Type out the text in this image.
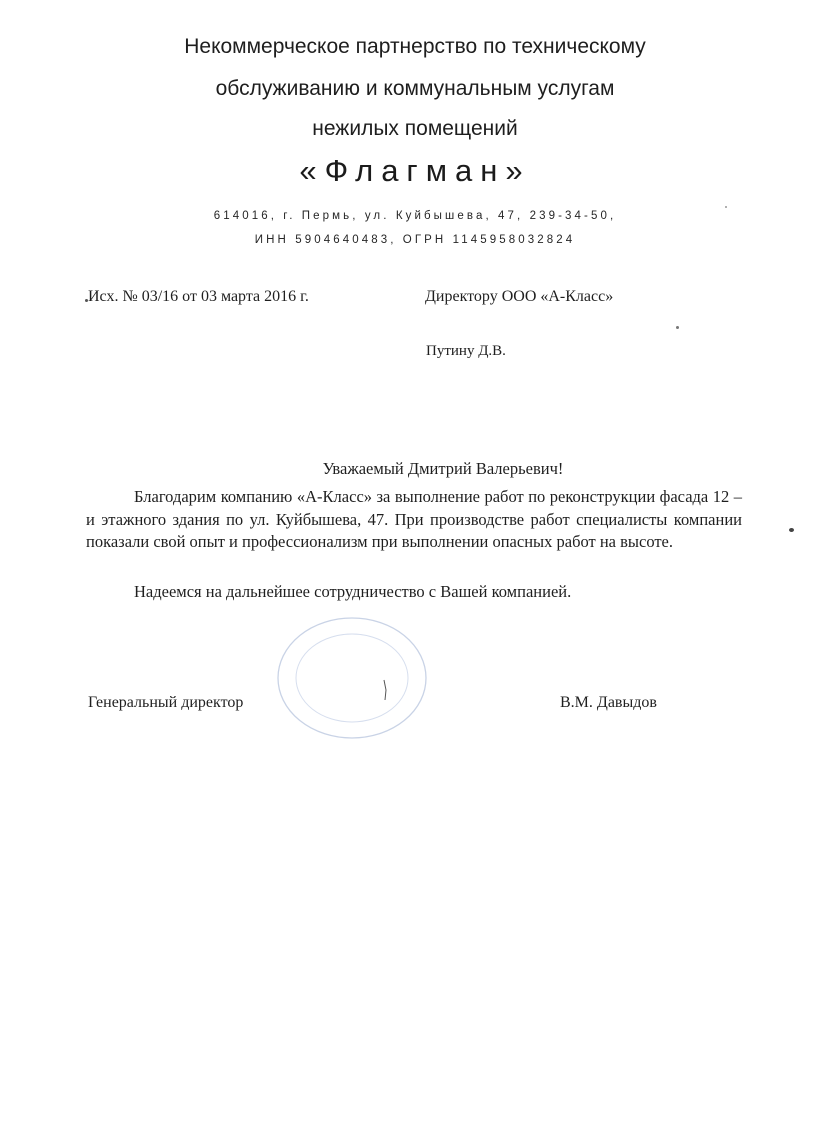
Некоммерческое партнерство по техническому
обслуживанию и коммунальным услугам
нежилых помещений
«Флагман»
614016, г. Пермь, ул. Куйбышева, 47, 239-34-50,
ИНН 5904640483, ОГРН 1145958032824
Исх. № 03/16 от 03 марта 2016 г.	Директору ООО «А-Класс»
Путину Д.В.
Уважаемый Дмитрий Валерьевич!
Благодарим компанию «А-Класс» за выполнение работ по реконструкции фасада 12 –и этажного здания по ул. Куйбышева, 47. При производстве работ специалисты компании показали свой опыт и профессионализм при выполнении опасных работ на высоте.
Надеемся на дальнейшее сотрудничество с Вашей компанией.
Генеральный директор	В.М. Давыдов
